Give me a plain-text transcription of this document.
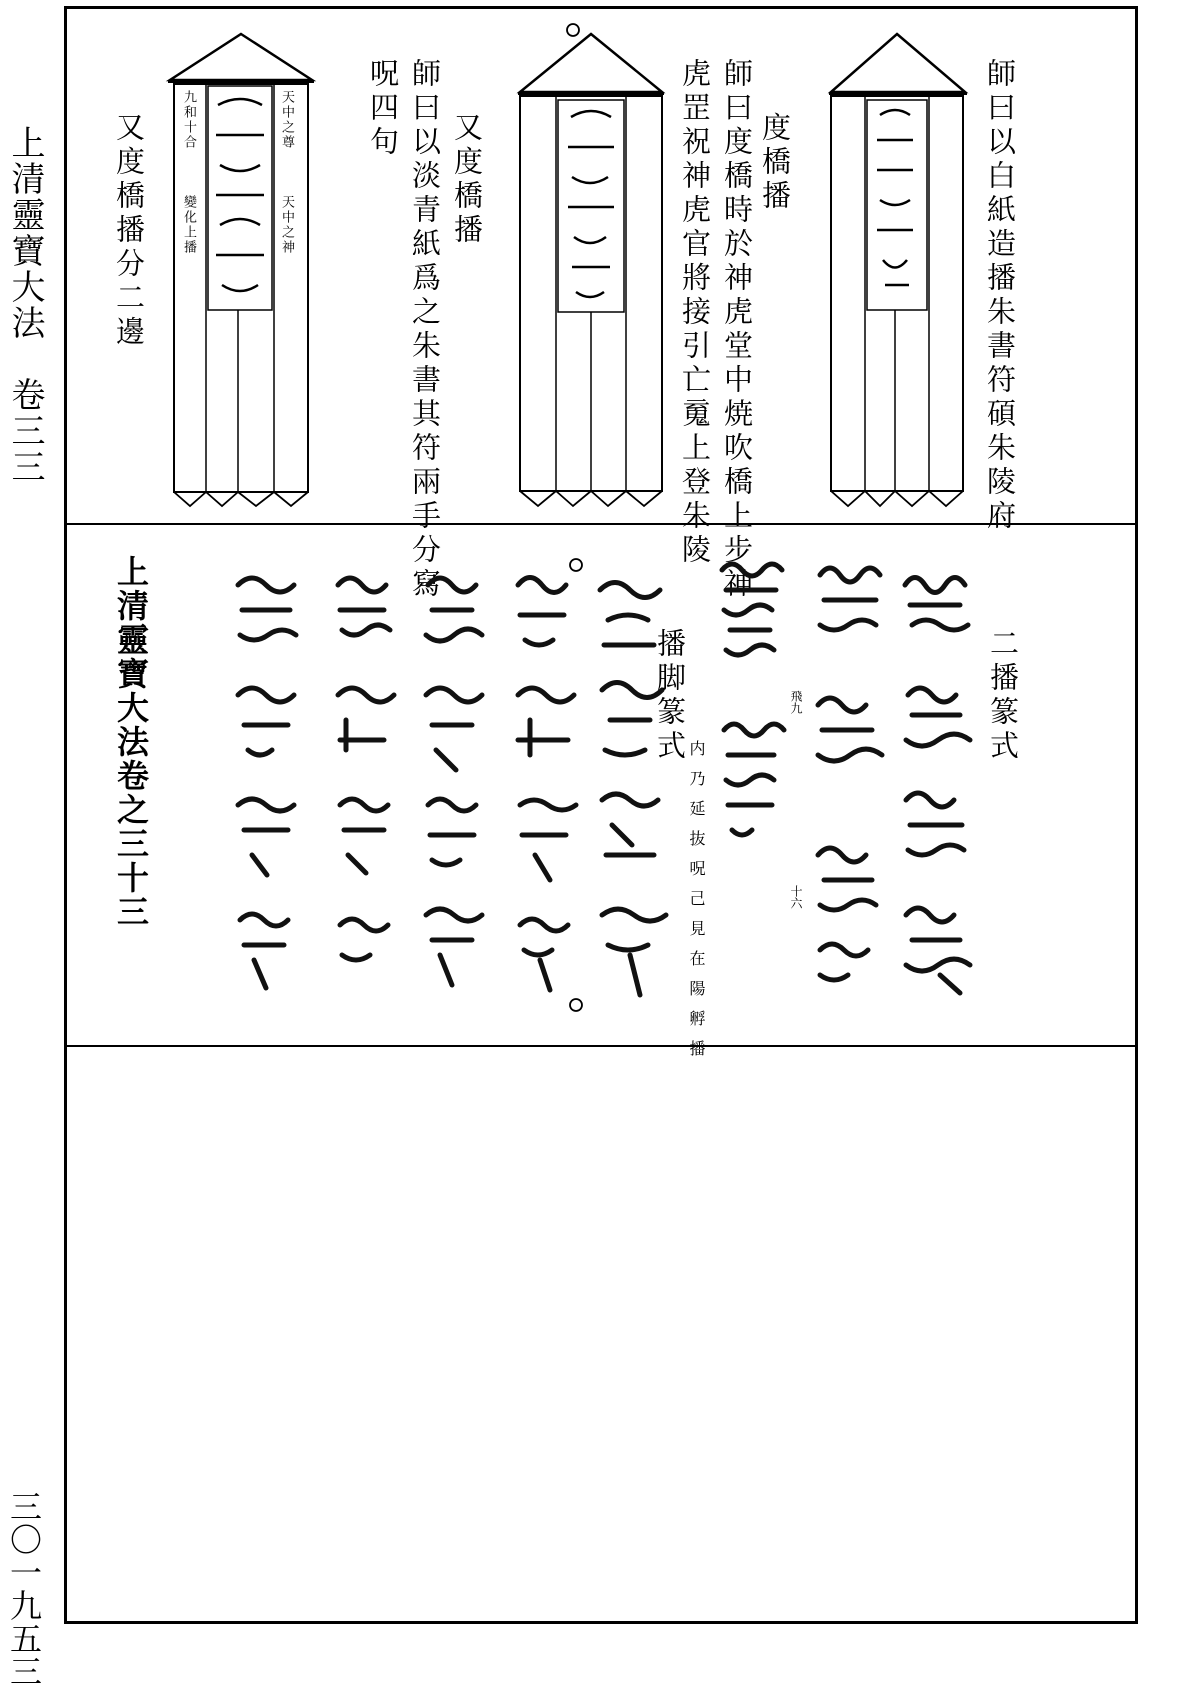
上清靈寶大法　卷三三
三〇一九五三
師曰以白紙造播朱書符碩朱陵府
度橋播
師曰度橋時於神虎堂中焼吹橋上步神
虎罡祝神虎官將接引亡䰟上登朱陵
又度橋播
師曰以淡青紙爲之朱書其符兩手分寫
呪四句
天中之尊
天中之神
九和十合
變化上播
又度橋播分二邊
二播篆式
飛九
十六
播脚篆式
内乃延抜呪己見在陽孵播
上清靈寶大法卷之三十三
